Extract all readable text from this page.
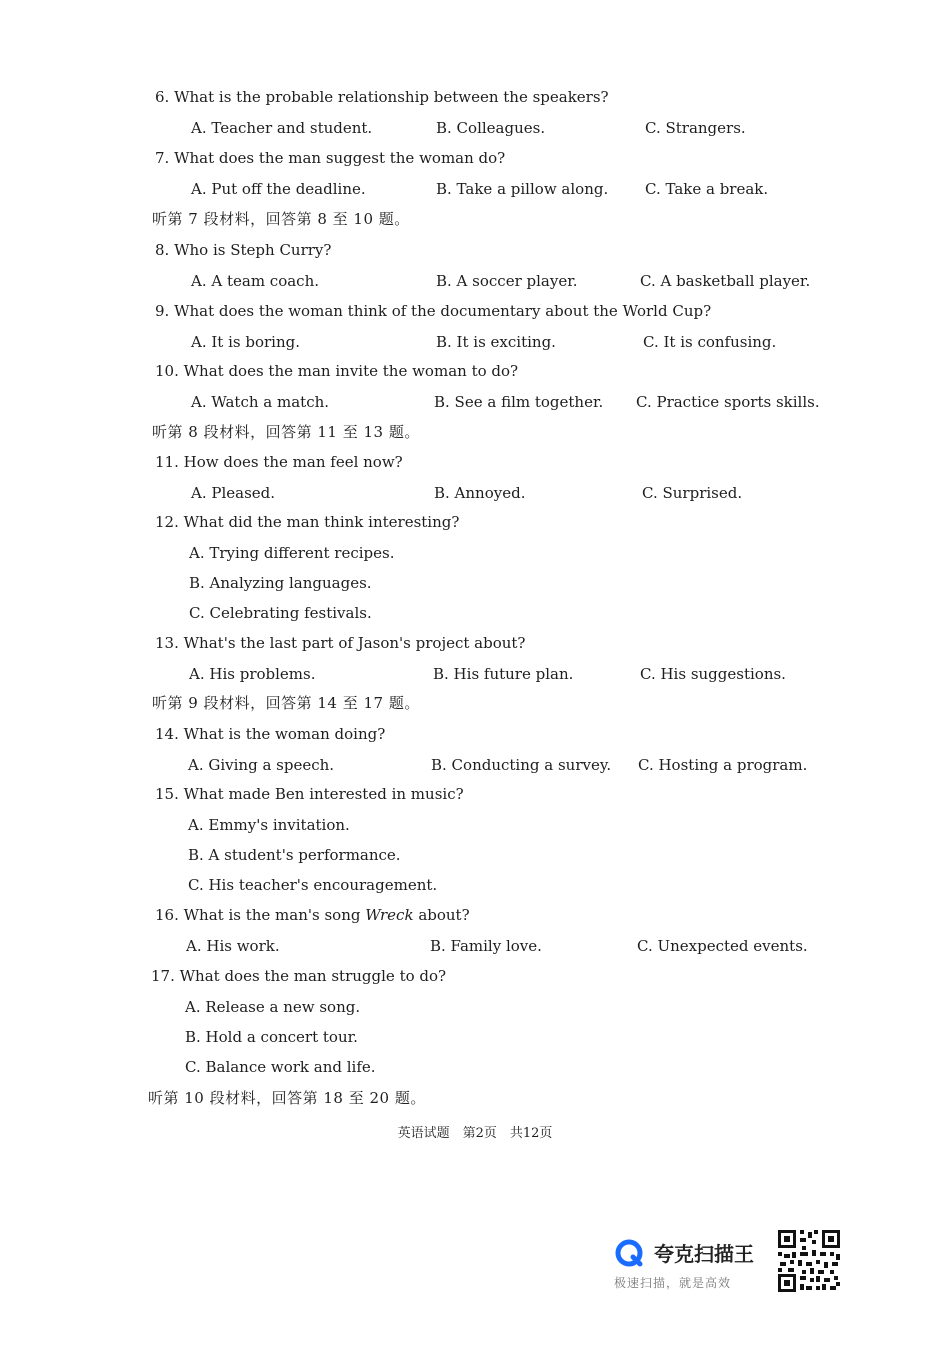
6. What is the probable relationship between the speakers?
A. Teacher and student.	B. Colleagues.	C. Strangers.
7. What does the man suggest the woman do?
A. Put off the deadline.	B. Take a pillow along. C. Take a break.
听第 7 段材料，回答第 8 至 10 题。
8. Who is Steph Curry?
A. A team coach.	B. A soccer player.	C. A basketball player.
9. What does the woman think of the documentary about the World Cup?
A. It is boring.	B. It is exciting.	C. It is confusing.
10. What does the man invite the woman to do?
A. Watch a match.	B. See a film together. C. Practice sports skills.
听第 8 段材料，回答第 11 至 13 题。
11. How does the man feel now?
A. Pleased.	B. Annoyed.	C. Surprised.
12. What did the man think interesting?
A. Trying different recipes.
B. Analyzing languages.
C. Celebrating festivals.
13. What's the last part of Jason's project about?
A. His problems.	B. His future plan.	C. His suggestions.
听第 9 段材料，回答第 14 至 17 题。
14. What is the woman doing?
A. Giving a speech.	B. Conducting a survey. C. Hosting a program.
15. What made Ben interested in music?
A. Emmy's invitation.
B. A student's performance.
C. His teacher's encouragement.
16. What is the man's song Wreck about?
A. His work.	B. Family love.	C. Unexpected events.
17. What does the man struggle to do?
A. Release a new song.
B. Hold a concert tour.
C. Balance work and life.
听第 10 段材料，回答第 18 至 20 题。
英语试题　第2页　共12页
夸克扫描王
极速扫描，就是高效
